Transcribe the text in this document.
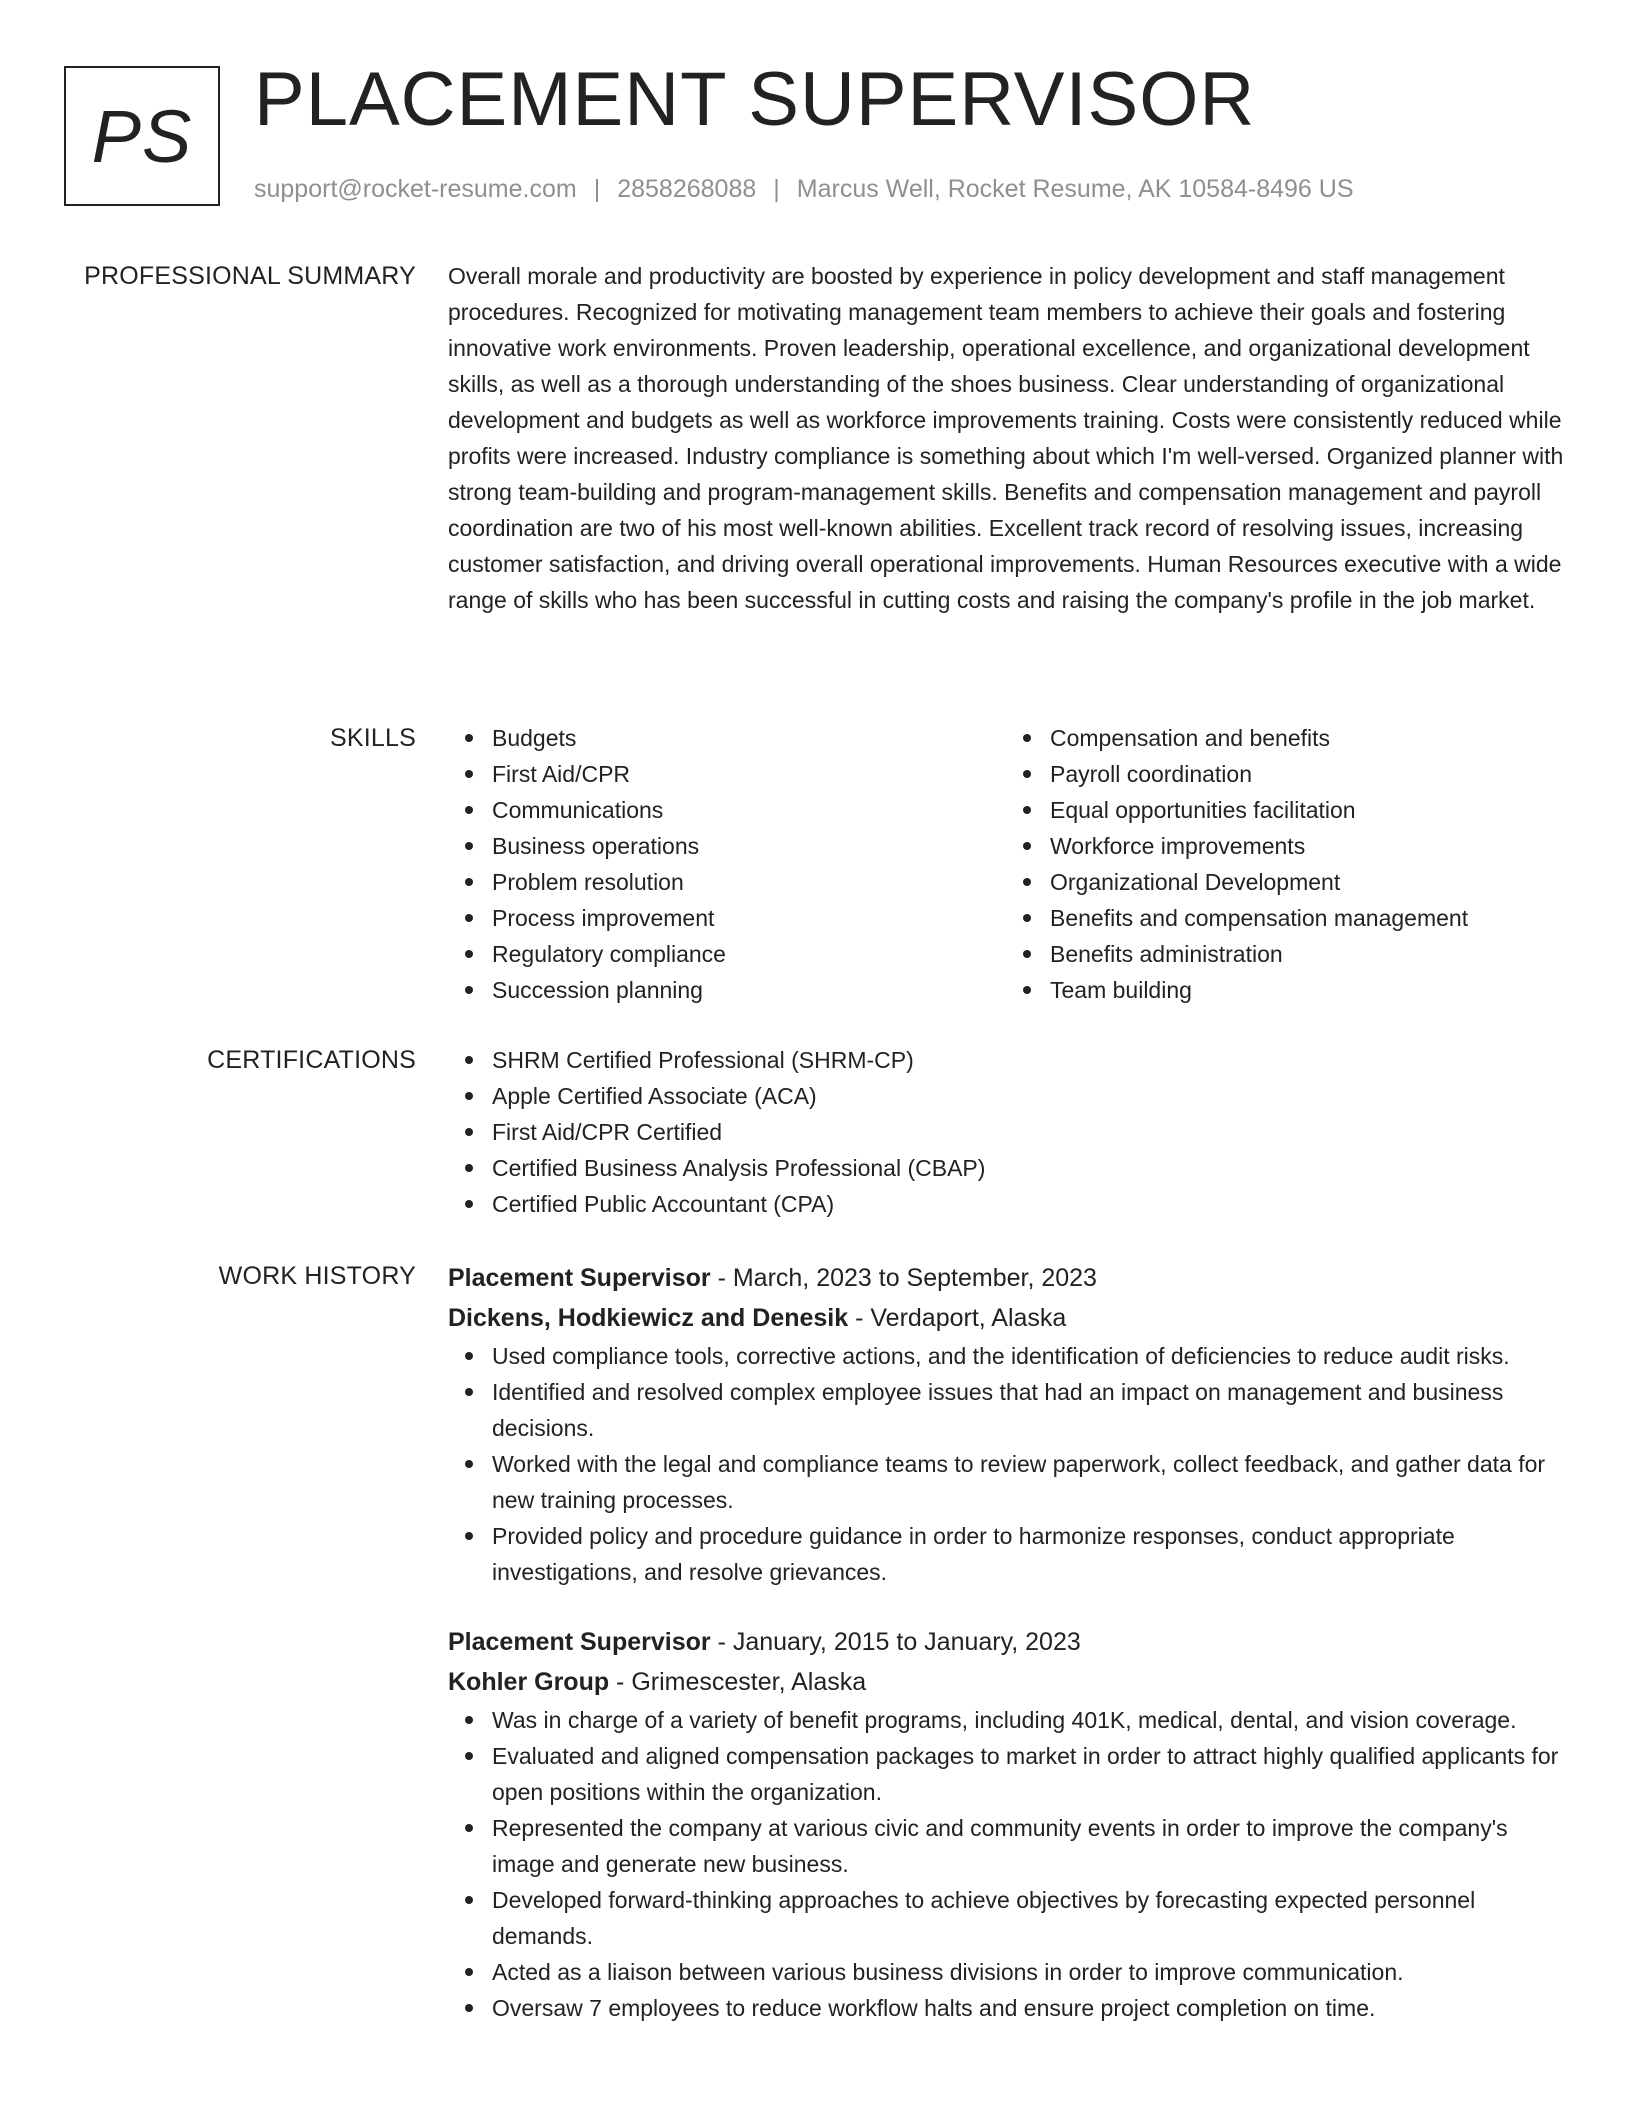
PS PLACEMENT SUPERVISOR
support@rocket-resume.com | 2858268088 | Marcus Well, Rocket Resume, AK 10584-8496 US
PROFESSIONAL SUMMARY Overall morale and productivity are boosted by experience in policy development and staff management procedures. Recognized for motivating management team members to achieve their goals and fostering innovative work environments. Proven leadership, operational excellence, and organizational development skills, as well as a thorough understanding of the shoes business. Clear understanding of organizational development and budgets as well as workforce improvements training. Costs were consistently reduced while profits were increased. Industry compliance is something about which I'm well-versed. Organized planner with strong team-building and program-management skills. Benefits and compensation management and payroll coordination are two of his most well-known abilities. Excellent track record of resolving issues, increasing customer satisfaction, and driving overall operational improvements. Human Resources executive with a wide range of skills who has been successful in cutting costs and raising the company's profile in the job market.

SKILLS	Budgets
First Aid/CPR
Communications
Business operations
Problem resolution
Process improvement
Regulatory compliance
Succession planning
Compensation and benefits
Payroll coordination
Equal opportunities facilitation
Workforce improvements
Organizational Development
Benefits and compensation management
Benefits administration
Team building
CERTIFICATIONS	SHRM Certified Professional (SHRM-CP)
Apple Certified Associate (ACA)
First Aid/CPR Certified
Certified Business Analysis Professional (CBAP)
Certified Public Accountant (CPA)
WORK HISTORY Placement Supervisor - March, 2023 to September, 2023
Dickens, Hodkiewicz and Denesik - Verdaport, Alaska
Used compliance tools, corrective actions, and the identification of deficiencies to reduce audit risks.
Identified and resolved complex employee issues that had an impact on management and business decisions.
Worked with the legal and compliance teams to review paperwork, collect feedback, and gather data for new training processes.
Provided policy and procedure guidance in order to harmonize responses, conduct appropriate investigations, and resolve grievances.
Placement Supervisor - January, 2015 to January, 2023
Kohler Group - Grimescester, Alaska
Was in charge of a variety of benefit programs, including 401K, medical, dental, and vision coverage.
Evaluated and aligned compensation packages to market in order to attract highly qualified applicants for open positions within the organization.
Represented the company at various civic and community events in order to improve the company's image and generate new business.
Developed forward-thinking approaches to achieve objectives by forecasting expected personnel demands.
Acted as a liaison between various business divisions in order to improve communication.
Oversaw 7 employees to reduce workflow halts and ensure project completion on time.
